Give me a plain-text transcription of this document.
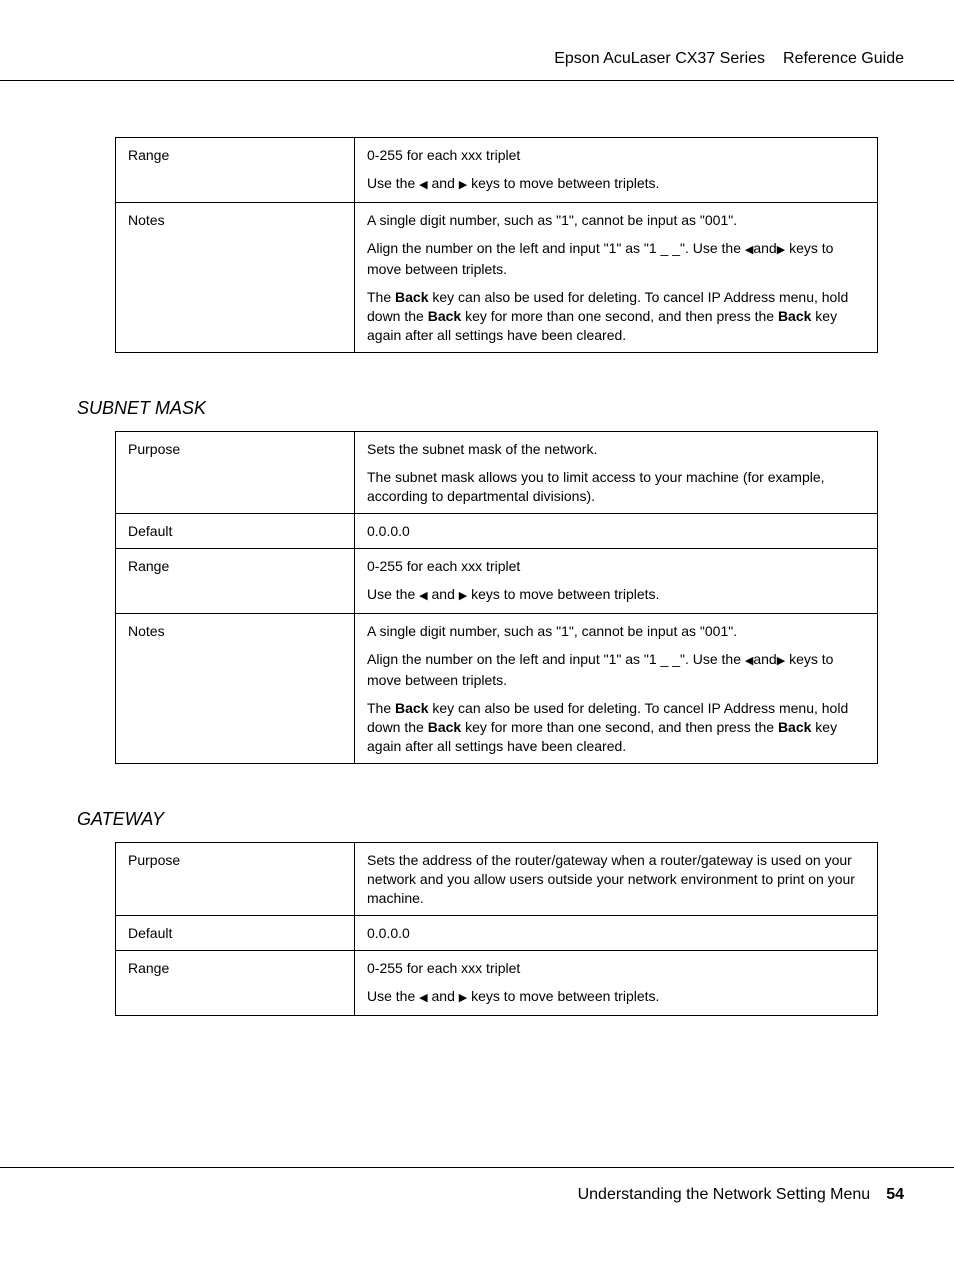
Epson AcuLaser CX37 Series Reference Guide
Range	0-255 for each xxx triplet

Use the ◀ and ▶ keys to move between triplets.

Notes	A single digit number, such as "1", cannot be input as "001".

Align the number on the left and input "1" as "1 _ _". Use the ◀and▶ keys to move between triplets.

The Back key can also be used for deleting. To cancel IP Address menu, hold down the Back key for more than one second, and then press the Back key again after all settings have been cleared.

SUBNET MASK
Purpose	Sets the subnet mask of the network.

The subnet mask allows you to limit access to your machine (for example, according to departmental divisions).

Default	0.0.0.0
Range	0-255 for each xxx triplet

Use the ◀ and ▶ keys to move between triplets.

Notes	A single digit number, such as "1", cannot be input as "001".

Align the number on the left and input "1" as "1 _ _". Use the ◀and▶ keys to move between triplets.

The Back key can also be used for deleting. To cancel IP Address menu, hold down the Back key for more than one second, and then press the Back key again after all settings have been cleared.

GATEWAY
Purpose	Sets the address of the router/gateway when a router/gateway is used on your network and you allow users outside your network environment to print on your machine.

Default	0.0.0.0
Range	0-255 for each xxx triplet

Use the ◀ and ▶ keys to move between triplets.

Understanding the Network Setting Menu 54
